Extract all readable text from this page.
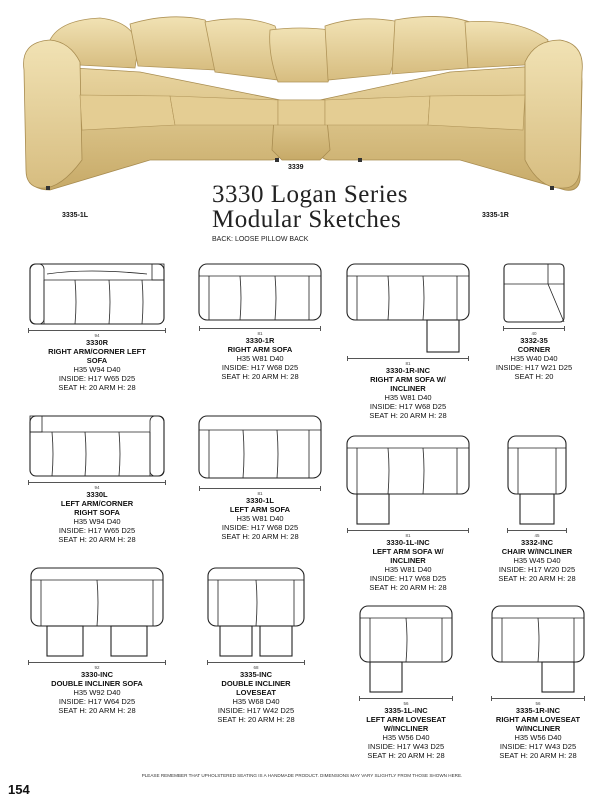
3339
3335-1L	3335-1R
3330 Logan Series
Modular Sketches
BACK: LOOSE PILLOW BACK
94
3330R
RIGHT ARM/CORNER LEFT
SOFA
H35 W94 D40
INSIDE: H17 W65 D25
SEAT H: 20 ARM H: 28
81
3330-1R
RIGHT ARM SOFA
H35 W81 D40
INSIDE: H17 W68 D25
SEAT H: 20 ARM H: 28
81
3330-1R-INC
RIGHT ARM SOFA W/
INCLINER
H35 W81 D40
INSIDE: H17 W68 D25
SEAT H: 20 ARM H: 28
40
3332-35
CORNER
H35 W40 D40
INSIDE: H17 W21 D25
SEAT H: 20
94
3330L
LEFT ARM/CORNER
RIGHT SOFA
H35 W94 D40
INSIDE: H17 W65 D25
SEAT H: 20 ARM H: 28
81
3330-1L
LEFT ARM SOFA
H35 W81 D40
INSIDE: H17 W68 D25
SEAT H: 20 ARM H: 28	81
3330-1L-INC
LEFT ARM SOFA W/
INCLINER
H35 W81 D40
INSIDE: H17 W68 D25
SEAT H: 20 ARM H: 28
45
3332-INC
CHAIR W/INCLINER
H35 W45 D40
INSIDE: H17 W20 D25
SEAT H: 20 ARM H: 28
92
3330-INC
DOUBLE INCLINER SOFA
H35 W92 D40
INSIDE: H17 W64 D25
SEAT H: 20 ARM H: 28
68
3335-INC
DOUBLE INCLINER
LOVESEAT
H35 W68 D40
INSIDE: H17 W42 D25
SEAT H: 20 ARM H: 28
56
3335-1L-INC
LEFT ARM LOVESEAT
W/INCLINER
H35 W56 D40
INSIDE: H17 W43 D25
SEAT H: 20 ARM H: 28
56
3335-1R-INC
RIGHT ARM LOVESEAT
W/INCLINER
H35 W56 D40
INSIDE: H17 W43 D25
SEAT H: 20 ARM H: 28
PLEASE REMEMBER THAT UPHOLSTERED SEATING IS A HANDMADE PRODUCT. DIMENSIONS MAY VARY SLIGHTLY FROM THOSE SHOWN HERE.
154
